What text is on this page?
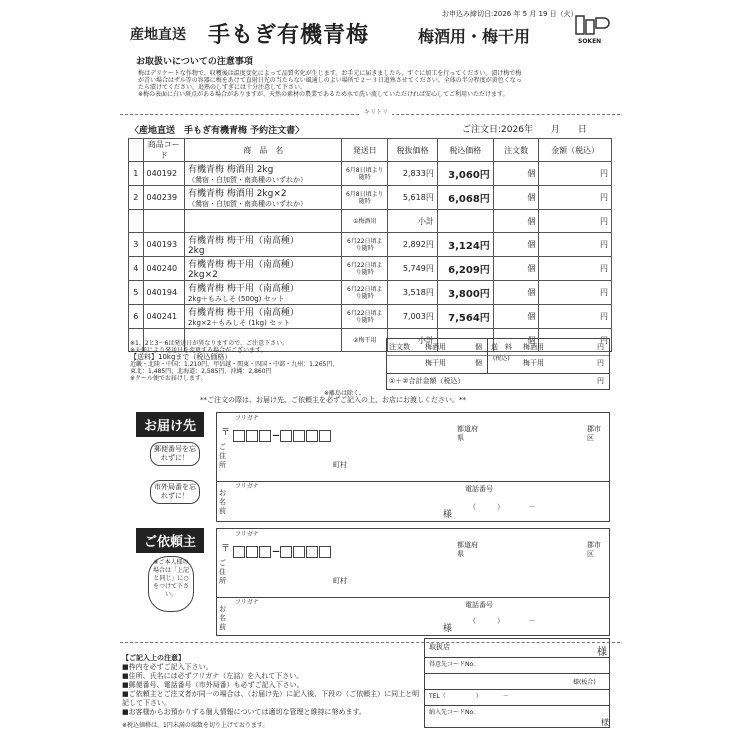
お申込み締切日:2026 年 5 月 19 日（火）
産地直送 手もぎ有機青梅	梅酒用・梅干用	SOKEN
お取扱いについての注意事項
梅はデリケートな作物で、収穫後は温度変化によって品質劣化が生じます。お手元に届きましたら、すぐに加工を行ってください。漬け梅で梅
が青い場合はザル等の容器に梅をあけて直射日光の当たらない風通しのよい場所で２～３日追熟させてください。全体の半分程度が黄色くなっ
たら漬けてください。追熟のしすぎには十分注意して下さい。
※梅の表面に白い斑点がある場合がありますが、天然の素材の農業であるため水で洗い流していただければ安心してご利用いただけます。
キリトリ
〈産地直送　手もぎ有機青梅 予約注文書〉	ご注文日:2026年　　月　　日
	商品コード	商　品　名	発送日	税抜価格	税込価格	注文数	金額（税込）
1	040192	有機青梅 梅酒用 2kg
（鶯宿・白加賀・南高種のいずれか）	6月8日頃より随時	2,833円	3,060円	個	円
2	040239	有機青梅 梅酒用 2kg×2
（鶯宿・白加賀・南高種のいずれか）	6月8日頃より随時	5,618円	6,068円	個	円

	①梅酒用	小計		個	円
3	040193	有機青梅 梅干用（南高種）
2kg	6月22日頃より随時	2,892円	3,124円	個	円
4	040240	有機青梅 梅干用（南高種）
2kg×2	6月22日頃より随時	5,749円	6,209円	個	円
5	040194	有機青梅 梅干用（南高種）
2kg＋もみしそ (500g) セット	6月22日頃より随時	3,518円	3,800円	個	円
6	040241	有機青梅 梅干用（南高種）
2kg×2＋もみしそ (1kg) セット	6月22日頃より随時	7,003円	7,564円	個	円

	②梅干用	小計		個	円
※1、2と3～6は発送日が異なりますので、ご注意下さい。
※天候により発送日を変更する場合がございます。
【送料】10kgまで（税込価格）
近畿・北陸・中国：1,210円、甲信越・関東・四国・中部・九州：1,265円、
東北：1,485円、北海道：2,585円、沖縄：2,860円
※クール便でお届けします。
※離島は除く。
注文数 梅酒用	個
梅干用	個
送　料
(税込)
梅酒用	円
梅干用	円
①＋②合計金額（税込）	円
**ご注文の際は、お届け先、ご依頼主を必ずご記入の上、お店にお渡しください。**
お届け先
フリガナ
〒	–
ご住所
都道府県
郡市区
町村
フリガナ
お名前	様
電話番号
（　　　）　　　　－
郵便番号を忘れずに！
市外局番を忘れずに！
ご依頼主
フリガナ
〒	–
ご住所
都道府県
郡市区
町村
フリガナ
お名前	様
電話番号
（　　　）　　　　－
※ご本人様の場合は「上記と同じ」に○をつけて下さい。
【ご記入上の注意】
■枠内を必ずご記入下さい。
■住所、氏名には必ずフリガナ（左詰）を入れて下さい。
■郵便番号、電話番号（市外局番）も必ずご記入下さい。
■ご依頼主とご注文者が同一の場合は、（お届け先）に記入後、下段の（ご依頼主）に同上と明記して下さい。
■お客様からお預かりする個人情報については適切な管理と維持に努めます。
※税込価格は、1円未満の端数を切り上げております。
取扱店	様
得意先コードNo.
様(板合)
TEL（　　　　　）　　　　－
納入先コードNo.
様
